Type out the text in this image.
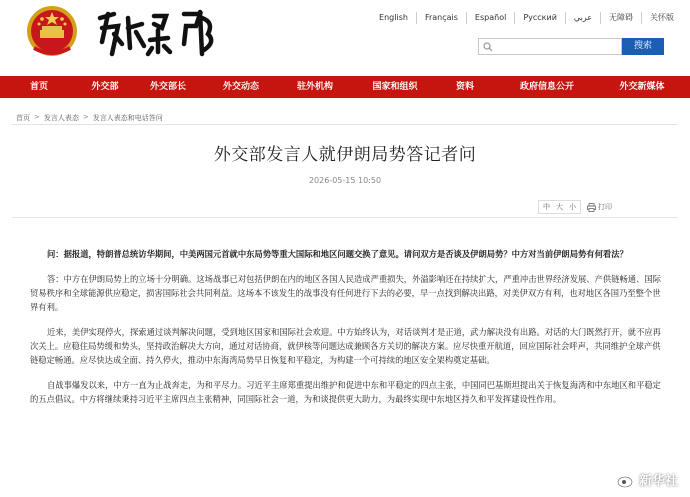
English	Français	Español	Русский	عربي	无障碍	关怀版
搜索
首页	外交部	外交部长	外交动态	驻外机构	国家和组织	资料	政府信息公开	外交新媒体
首页 > 发言人表态 > 发言人表态和电话答问
外交部发言人就伊朗局势答记者问
2026-05-15 10:50
中 大 小	打印

问：据报道，特朗普总统访华期间，中美两国元首就中东局势等重大国际和地区问题交换了意见。请问双方是否谈及伊朗局势？中方对当前伊朗局势有何看法？

答：中方在伊朗局势上的立场十分明确。这场战事已对包括伊朗在内的地区各国人民造成严重损失，外溢影响还在持续扩大，严重冲击世界经济发展、产供链畅通、国际贸易秩序和全球能源供应稳定，损害国际社会共同利益。这场本不该发生的战事没有任何进行下去的必要，早一点找到解决出路，对美伊双方有利，也对地区各国乃至整个世界有利。

近来，美伊实现停火，探索通过谈判解决问题，受到地区国家和国际社会欢迎。中方始终认为，对话谈判才是正道，武力解决没有出路。对话的大门既然打开，就不应再次关上。应稳住局势缓和势头，坚持政治解决大方向，通过对话协商，就伊核等问题达成兼顾各方关切的解决方案。应尽快重开航道，回应国际社会呼声，共同维护全球产供链稳定畅通。应尽快达成全面、持久停火，推动中东海湾局势早日恢复和平稳定，为构建一个可持续的地区安全架构奠定基础。

自战事爆发以来，中方一直为止战奔走，为和平尽力。习近平主席郑重提出维护和促进中东和平稳定的四点主张，中国同巴基斯坦提出关于恢复海湾和中东地区和平稳定的五点倡议。中方将继续秉持习近平主席四点主张精神，同国际社会一道，为和谈提供更大助力，为最终实现中东地区持久和平发挥建设性作用。

新华社
